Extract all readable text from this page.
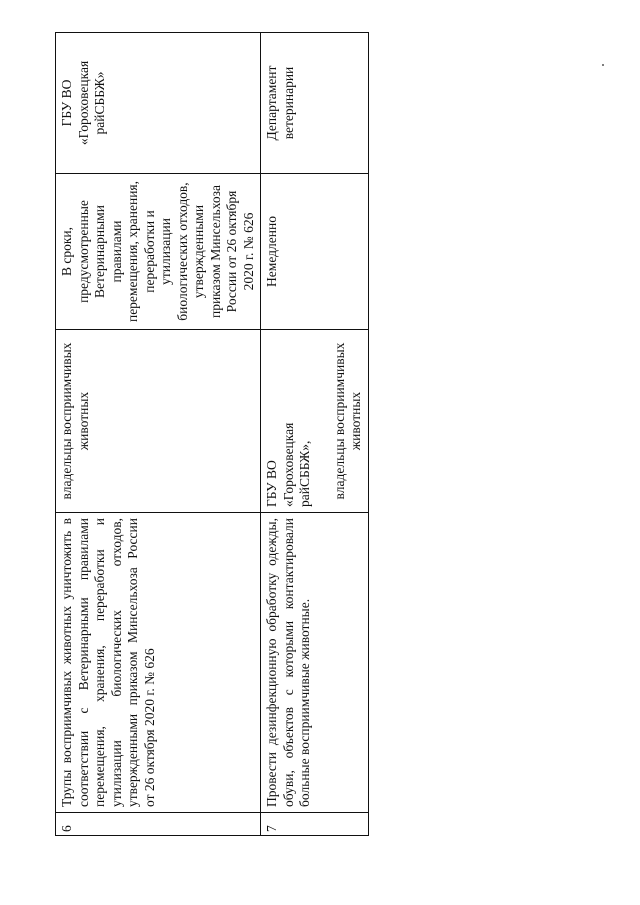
6	Трупы восприимчивых животных уничтожить в соответствии с Ветеринарными правилами перемещения, хранения, переработки и утилизации биологических отходов, утвержденными приказом Минсельхоза России от 26 октября 2020 г. № 626	владельцы восприимчивых животных	В сроки, предусмотренные Ветеринарными правилами перемещения, хранения, переработки и утилизации биологических отходов, утвержденными приказом Минсельхоза России от 26 октября 2020 г. № 626	ГБУ ВО «Гороховецкая райСББЖ»
7	Провести дезинфекционную обработку одежды, обуви, объектов с которыми контактировали больные восприимчивые животные.	ГБУ ВО «Гороховецкая райСББЖ», владельцы восприимчивых животных	Немедленно	Департамент ветеринарии
